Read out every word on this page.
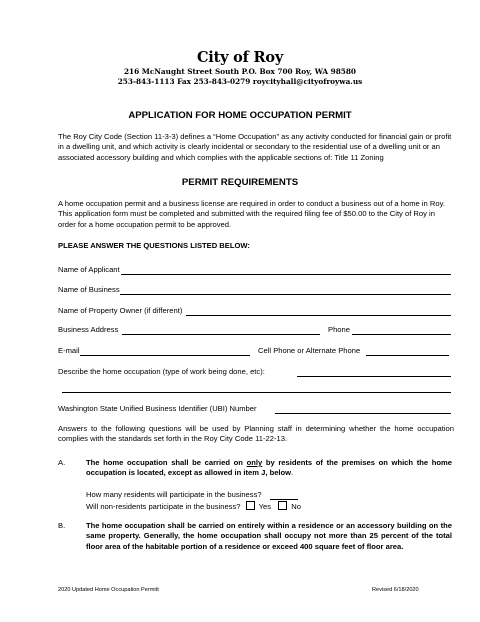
City of Roy
216 McNaught Street South P.O. Box 700 Roy, WA 98580
253-843-1113 Fax 253-843-0279 roycityhall@cityofroywa.us
APPLICATION FOR HOME OCCUPATION PERMIT
The Roy City Code (Section 11-3-3) defines a “Home Occupation” as any activity conducted for financial gain or profit in a dwelling unit, and which activity is clearly incidental or secondary to the residential use of a dwelling unit or an associated accessory building and which complies with the applicable sections of: Title 11 Zoning
PERMIT REQUIREMENTS
A home occupation permit and a business license are required in order to conduct a business out of a home in Roy. This application form must be completed and submitted with the required filing fee of $50.00 to the City of Roy in order for a home occupation permit to be approved.
PLEASE ANSWER THE QUESTIONS LISTED BELOW:
Name of Applicant
Name of Business
Name of Property Owner (if different)
Business Address	Phone
E-mail	Cell Phone or Alternate Phone
Describe the home occupation (type of work being done, etc):
Washington State Unified Business Identifier (UBI) Number
Answers to the following questions will be used by Planning staff in determining whether the home occupation complies with the standards set forth in the Roy City Code 11-22-13.
A.	The home occupation shall be carried on only by residents of the premises on which the home occupation is located, except as allowed in item J, below.
How many residents will participate in the business?
Will non-residents participate in the business? Yes	No
B.	The home occupation shall be carried on entirely within a residence or an accessory building on the same property. Generally, the home occupation shall occupy not more than 25 percent of the total floor area of the habitable portion of a residence or exceed 400 square feet of floor area.
2020 Updated Home Occupation Permitt	Revised 6/18/2020
